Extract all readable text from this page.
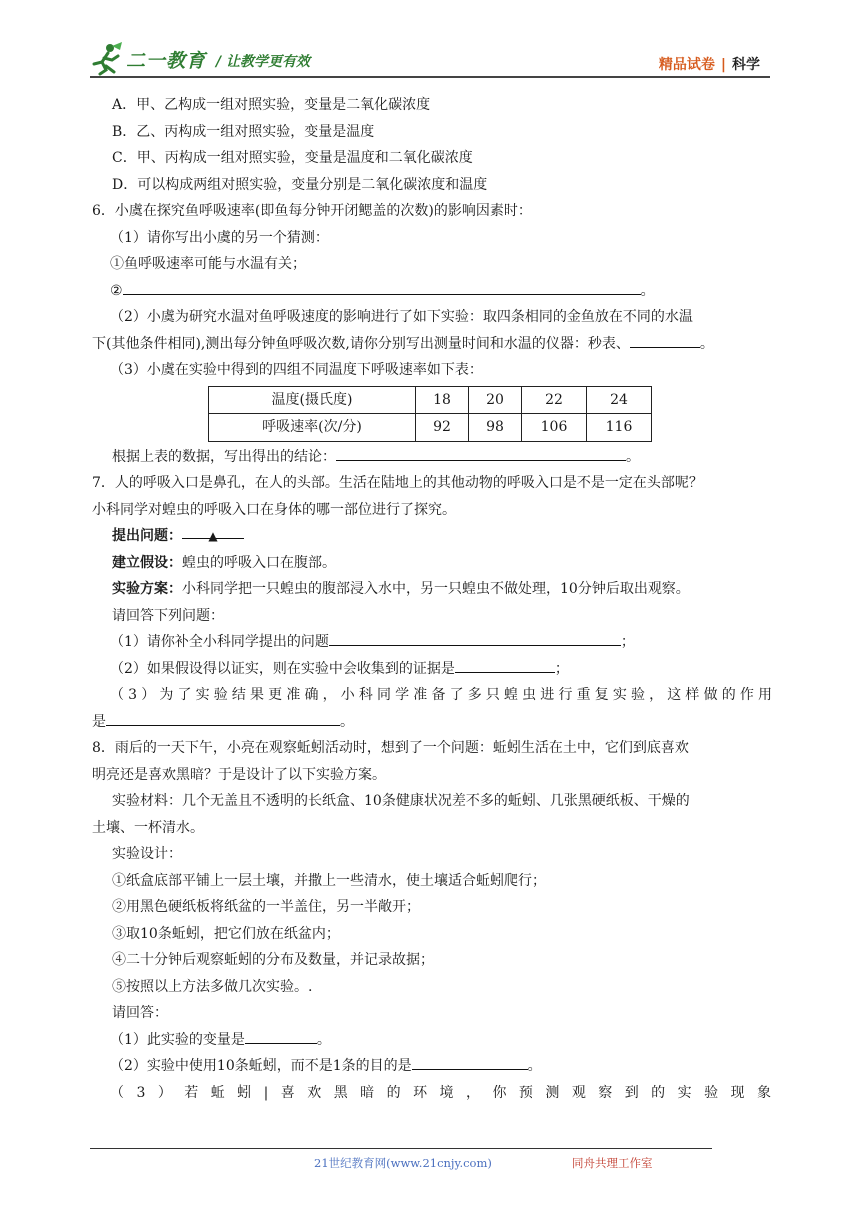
二一教育 / 让教学更有效	精品试卷 | 科学
A．甲、乙构成一组对照实验，变量是二氧化碳浓度
B．乙、丙构成一组对照实验，变量是温度
C．甲、丙构成一组对照实验，变量是温度和二氧化碳浓度
D．可以构成两组对照实验，变量分别是二氧化碳浓度和温度
6．小虞在探究鱼呼吸速率(即鱼每分钟开闭鳃盖的次数)的影响因素时：
（1）请你写出小虞的另一个猜测：
①鱼呼吸速率可能与水温有关；
②	。
（2）小虞为研究水温对鱼呼吸速度的影响进行了如下实验：取四条相同的金鱼放在不同的水温
下(其他条件相同),测出每分钟鱼呼吸次数,请你分别写出测量时间和水温的仪器：秒表、	。
（3）小虞在实验中得到的四组不同温度下呼吸速率如下表：
温度(摄氏度)	18	20	22	24
呼吸速率(次/分)	92	98	106	116
根据上表的数据，写出得出的结论：	。
7．人的呼吸入口是鼻孔，在人的头部。生活在陆地上的其他动物的呼吸入口是不是一定在头部呢？
小科同学对蝗虫的呼吸入口在身体的哪一部位进行了探究。
提出问题： ▲
建立假设：蝗虫的呼吸入口在腹部。
实验方案：小科同学把一只蝗虫的腹部浸入水中，另一只蝗虫不做处理，10分钟后取出观察。
请回答下列问题：
（1）请你补全小科同学提出的问题	；
（2）如果假设得以证实，则在实验中会收集到的证据是	；
（3）为了实验结果更准确，小科同学准备了多只蝗虫进行重复实验，这样做的作用
是	。
8．雨后的一天下午，小亮在观察蚯蚓活动时，想到了一个问题：蚯蚓生活在土中，它们到底喜欢
明亮还是喜欢黑暗？于是设计了以下实验方案。
实验材料：几个无盖且不透明的长纸盒、10条健康状况差不多的蚯蚓、几张黑硬纸板、干燥的
土壤、一杯清水。
实验设计：
①纸盒底部平铺上一层土壤，并撒上一些清水，使土壤适合蚯蚓爬行；
②用黑色硬纸板将纸盆的一半盖住，另一半敞开；
③取10条蚯蚓，把它们放在纸盆内；
④二十分钟后观察蚯蚓的分布及数量，并记录故据；
⑤按照以上方法多做几次实验。.
请回答：
（1）此实验的变量是	。
（2）实验中使用10条蚯蚓，而不是1条的目的是	。
（3）若蚯蚓|喜欢黑暗的环境，你预测观察到的实验现象
21世纪教育网(www.21cnjy.com)	同舟共理工作室
